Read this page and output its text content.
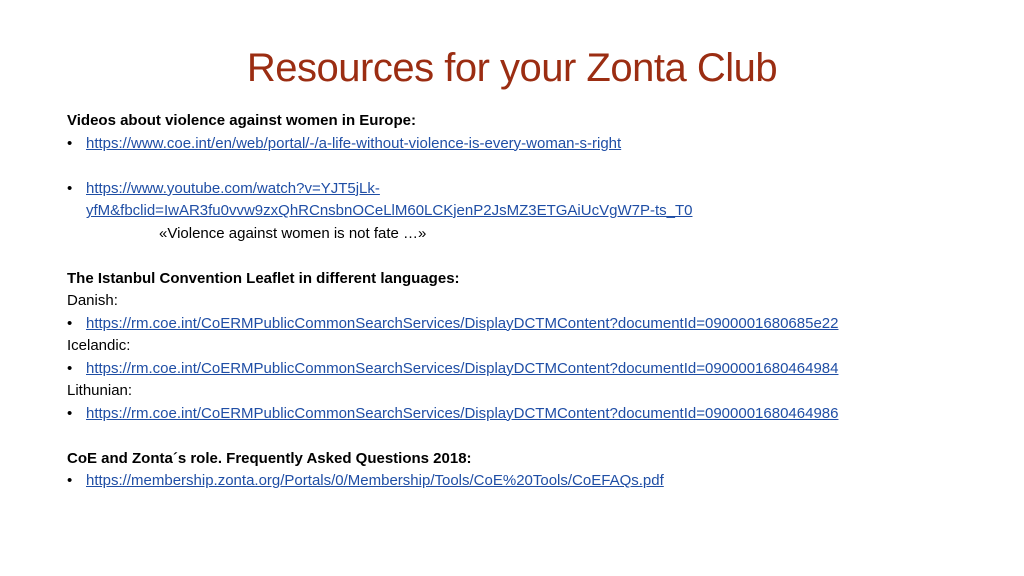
Resources for your Zonta Club
Videos about violence against women in Europe:
• https://www.coe.int/en/web/portal/-/a-life-without-violence-is-every-woman-s-right
• https://www.youtube.com/watch?v=YJT5jLk-
yfM&fbclid=IwAR3fu0vvw9zxQhRCnsbnOCeLlM60LCKjenP2JsMZ3ETGAiUcVgW7P-ts_T0
«Violence against women is not fate …»
The Istanbul Convention Leaflet in different languages:
Danish:
• https://rm.coe.int/CoERMPublicCommonSearchServices/DisplayDCTMContent?documentId=0900001680685e22
Icelandic:
• https://rm.coe.int/CoERMPublicCommonSearchServices/DisplayDCTMContent?documentId=0900001680464984
Lithunian:
• https://rm.coe.int/CoERMPublicCommonSearchServices/DisplayDCTMContent?documentId=0900001680464986
CoE and Zonta´s role. Frequently Asked Questions 2018:
• https://membership.zonta.org/Portals/0/Membership/Tools/CoE%20Tools/CoEFAQs.pdf
